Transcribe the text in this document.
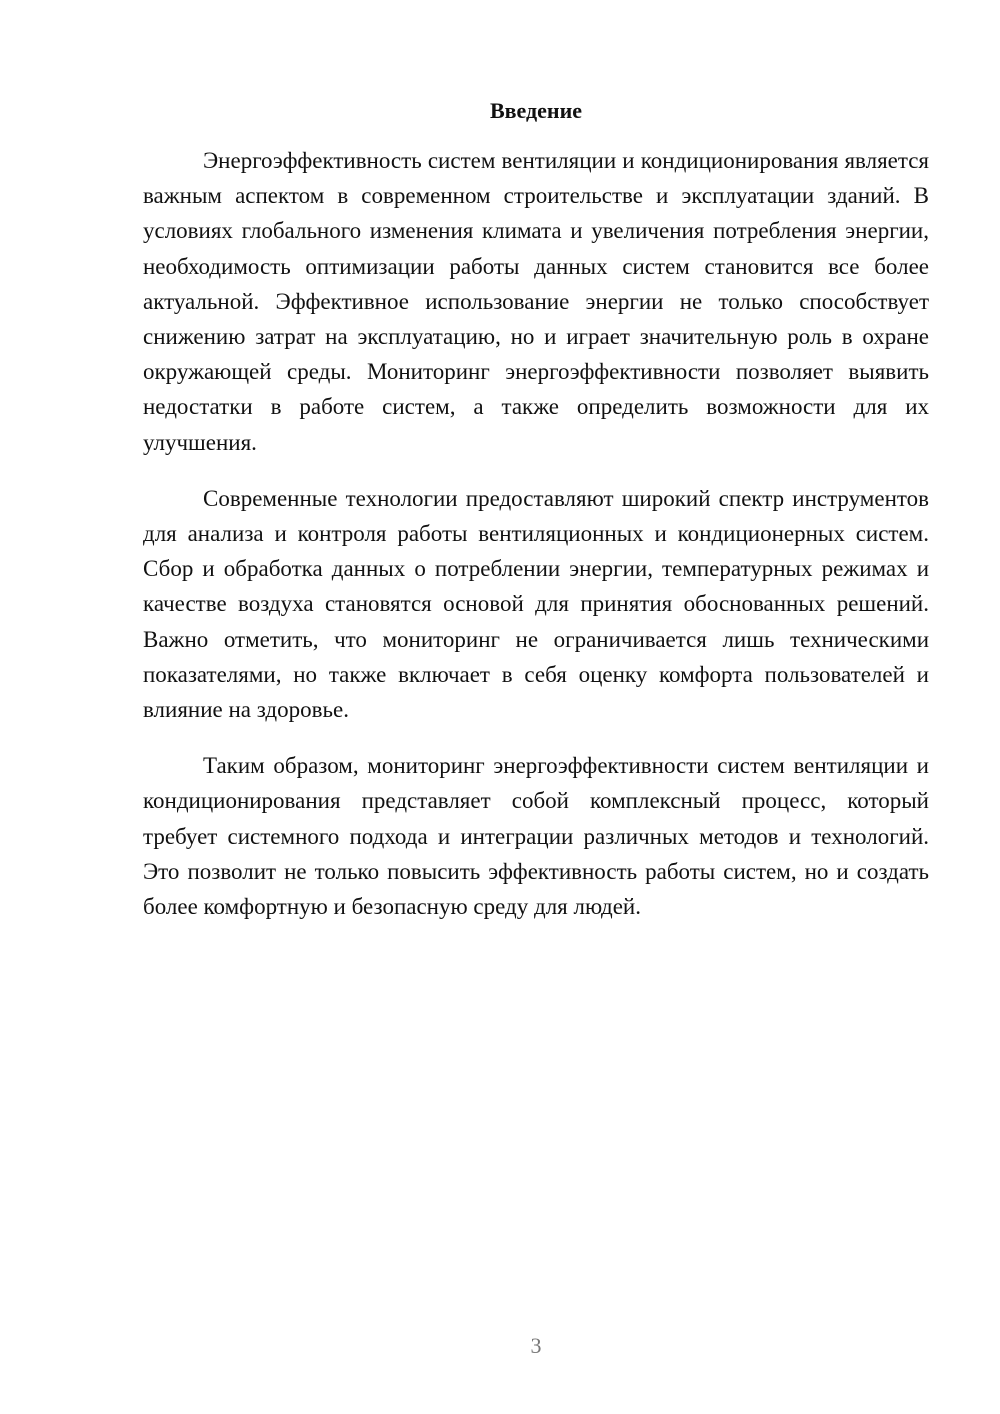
Введение

Энергоэффективность систем вентиляции и кондиционирования является важным аспектом в современном строительстве и эксплуатации зданий. В условиях глобального изменения климата и увеличения потребления энергии, необходимость оптимизации работы данных систем становится все более актуальной. Эффективное использование энергии не только способствует снижению затрат на эксплуатацию, но и играет значительную роль в охране окружающей среды. Мониторинг энергоэффективности позволяет выявить недостатки в работе систем, а также определить возможности для их улучшения.

Современные технологии предоставляют широкий спектр инструментов для анализа и контроля работы вентиляционных и кондиционерных систем. Сбор и обработка данных о потреблении энергии, температурных режимах и качестве воздуха становятся основой для принятия обоснованных решений. Важно отметить, что мониторинг не ограничивается лишь техническими показателями, но также включает в себя оценку комфорта пользователей и влияние на здоровье.

Таким образом, мониторинг энергоэффективности систем вентиляции и кондиционирования представляет собой комплексный процесс, который требует системного подхода и интеграции различных методов и технологий. Это позволит не только повысить эффективность работы систем, но и создать более комфортную и безопасную среду для людей.

3
